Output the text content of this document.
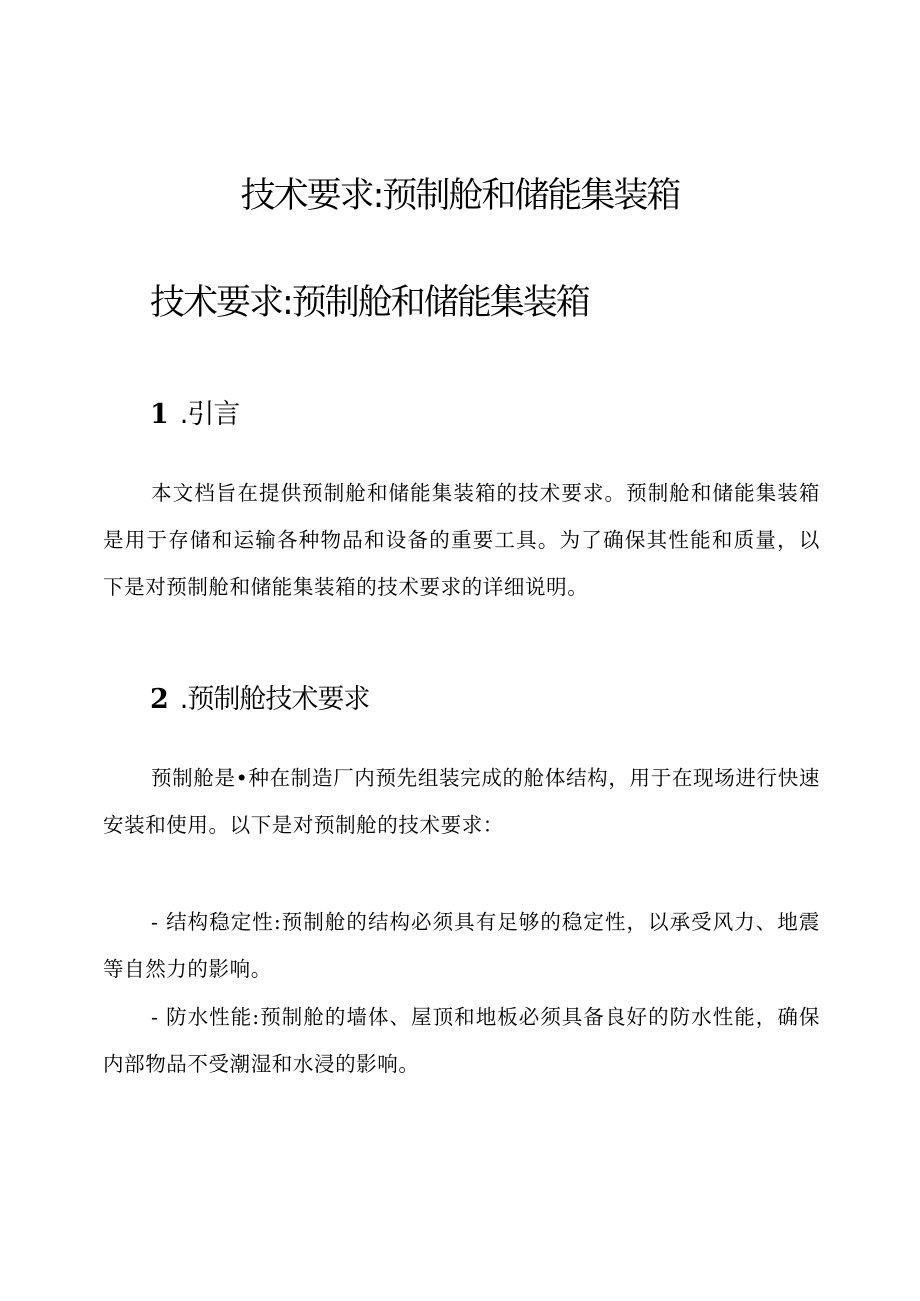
技术要求:预制舱和储能集装箱
技术要求:预制舱和储能集装箱
1 .引言
本文档旨在提供预制舱和储能集装箱的技术要求。预制舱和储能集装箱是用于存储和运输各种物品和设备的重要工具。为了确保其性能和质量，以下是对预制舱和储能集装箱的技术要求的详细说明。
2 .预制舱技术要求
预制舱是•种在制造厂内预先组装完成的舱体结构，用于在现场进行快速安装和使用。以下是对预制舱的技术要求：
- 结构稳定性:预制舱的结构必须具有足够的稳定性，以承受风力、地震等自然力的影响。
- 防水性能:预制舱的墙体、屋顶和地板必须具备良好的防水性能，确保内部物品不受潮湿和水浸的影响。
